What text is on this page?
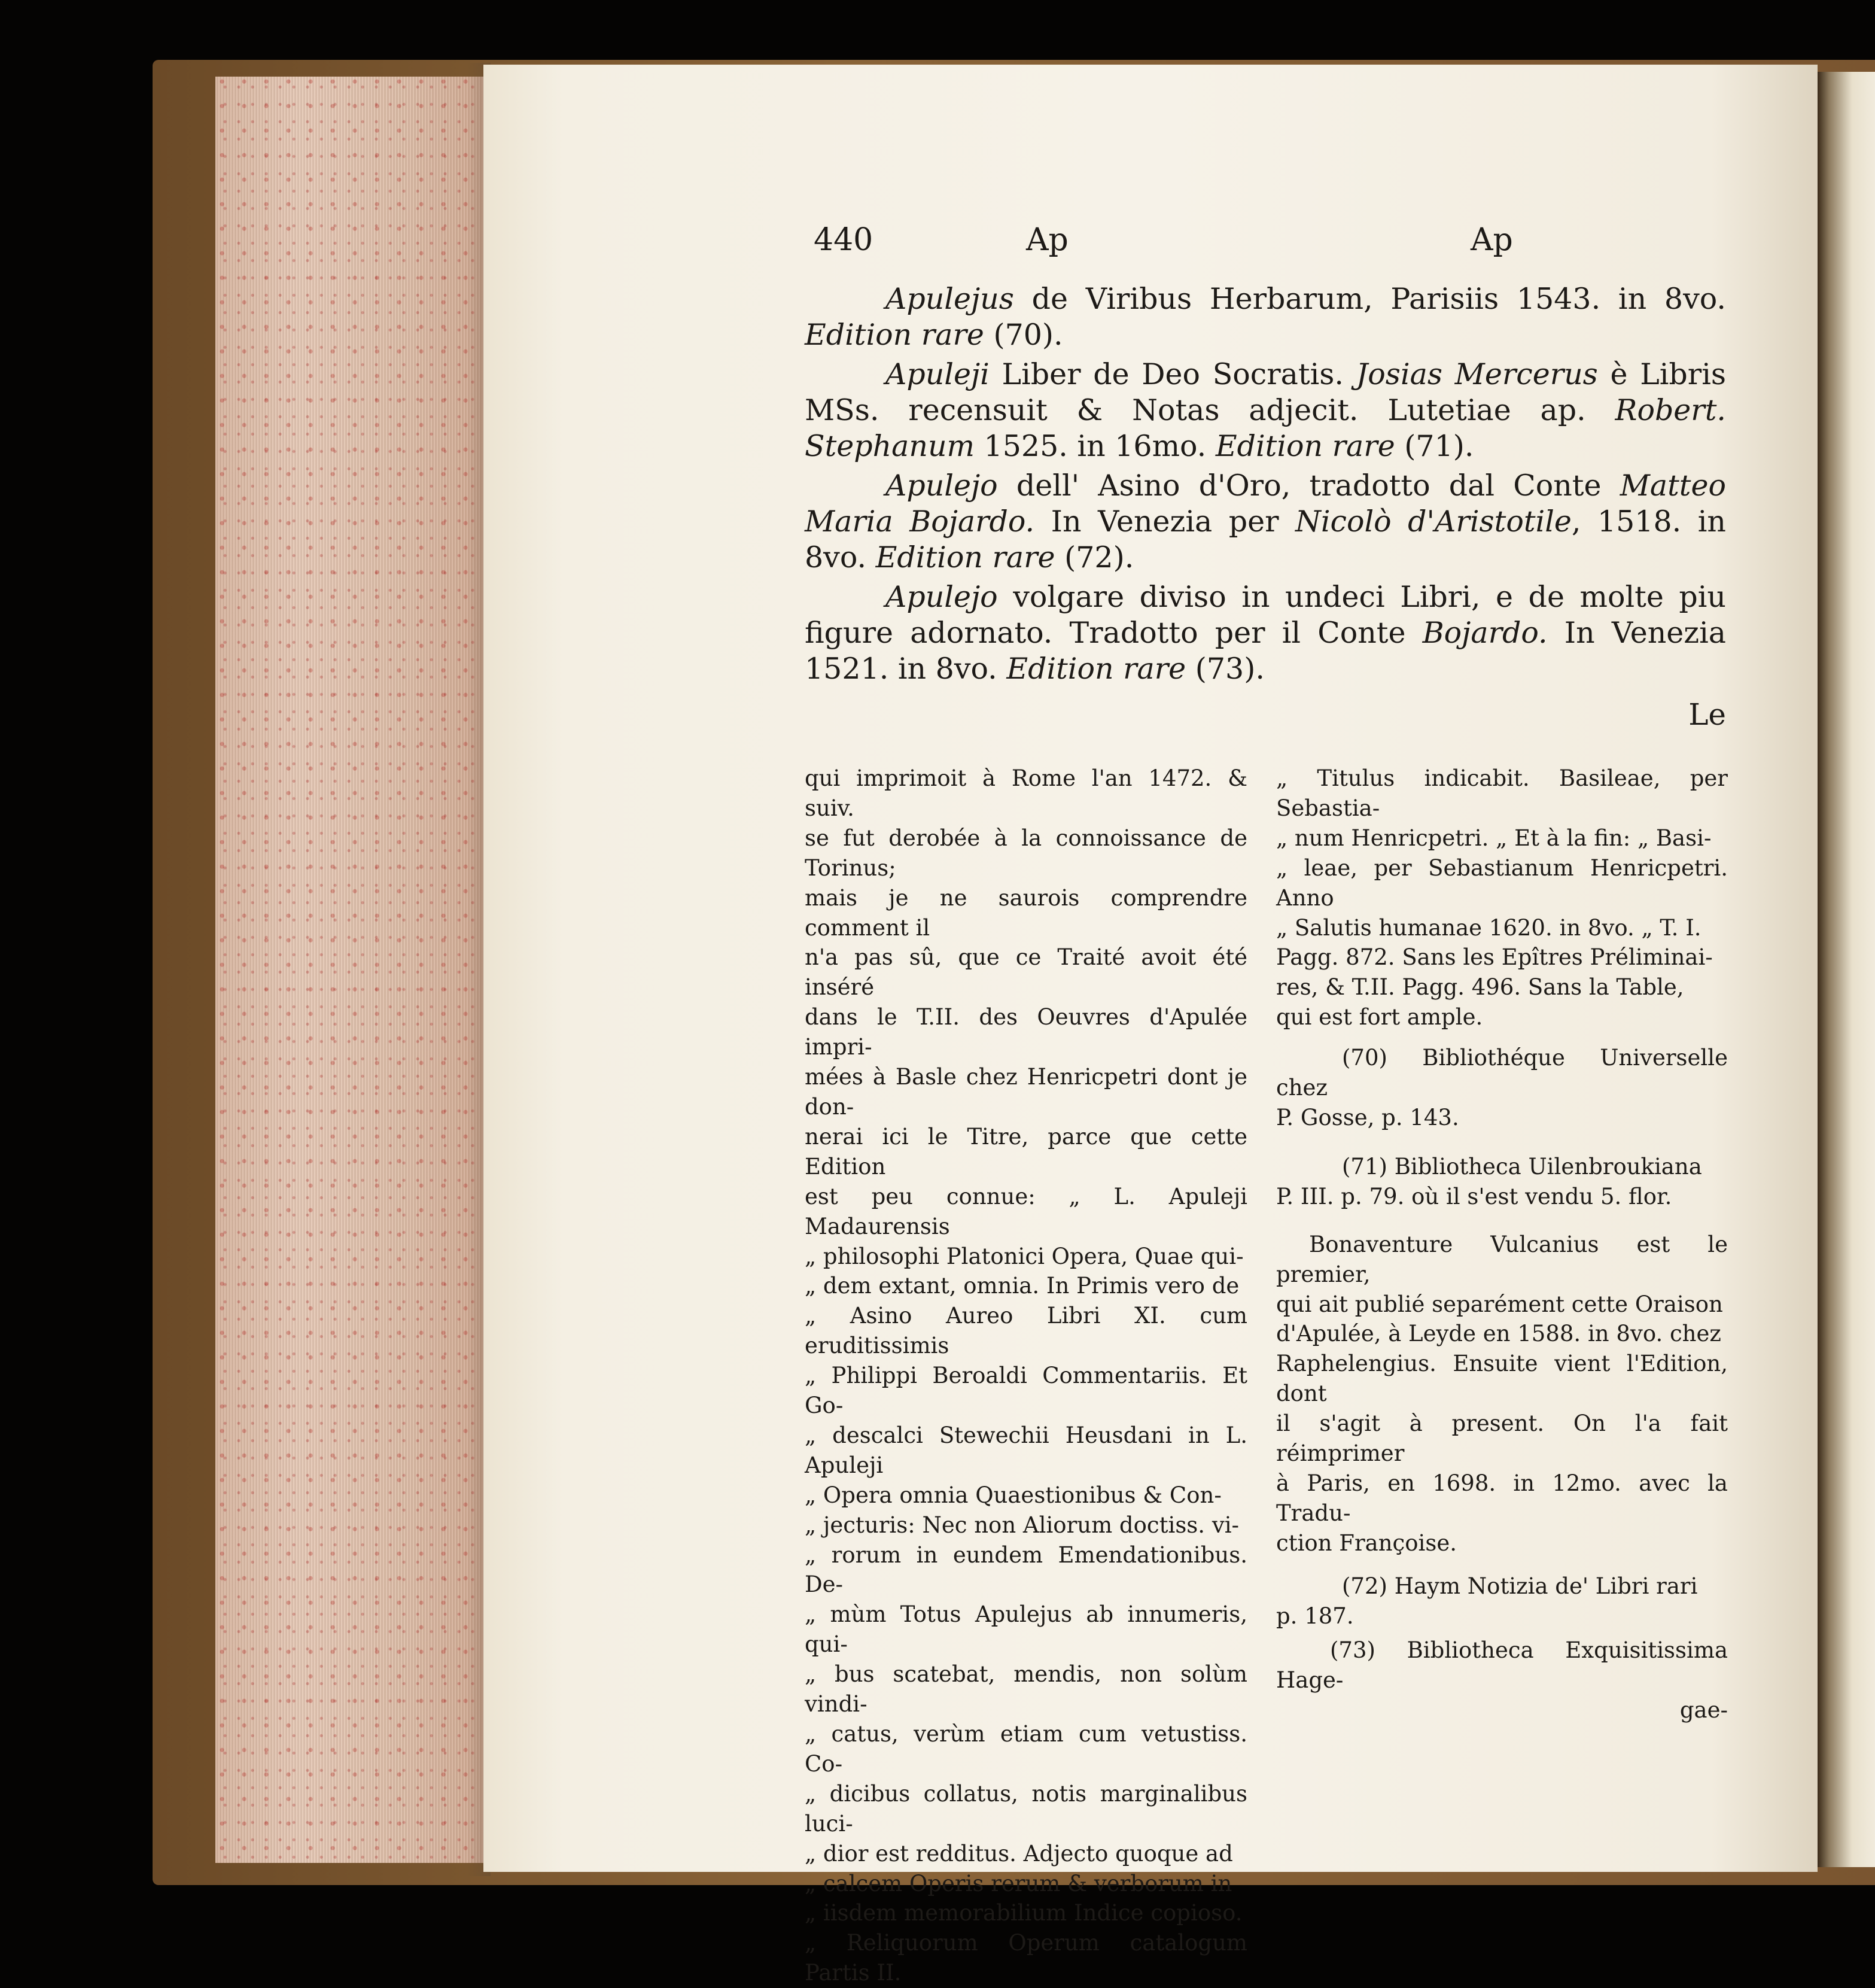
440	Ap	Ap

Apulejus de Viribus Herbarum, Parisiis 1543. in 8vo. Edition rare (70).

Apuleji Liber de Deo Socratis. Josias Mercerus è Libris MSs. recensuit & Notas adjecit. Lutetiae ap. Robert. Stephanum 1525. in 16mo. Edition rare (71).

Apulejo dell' Asino d'Oro, tradotto dal Conte Matteo Maria Bojardo. In Venezia per Nicolò d'Aristotile, 1518. in 8vo. Edition rare (72).

Apulejo volgare diviso in undeci Libri, e de molte piu figure adornato. Tradotto per il Conte Bojardo. In Venezia 1521. in 8vo. Edition rare (73).

Le
qui imprimoit à Rome l'an 1472. & suiv.
se fut derobée à la connoissance de Torinus;
mais je ne saurois comprendre comment il
n'a pas sû, que ce Traité avoit été inséré
dans le T.II. des Oeuvres d'Apulée impri-
mées à Basle chez Henricpetri dont je don-
nerai ici le Titre, parce que cette Edition
est peu connue: „ L. Apuleji Madaurensis
„ philosophi Platonici Opera, Quae qui-
„ dem extant, omnia. In Primis vero de
„ Asino Aureo Libri XI. cum eruditissimis
„ Philippi Beroaldi Commentariis. Et Go-
„ descalci Stewechii Heusdani in L. Apuleji
„ Opera omnia Quaestionibus & Con-
„ jecturis: Nec non Aliorum doctiss. vi-
„ rorum in eundem Emendationibus. De-
„ mùm Totus Apulejus ab innumeris, qui-
„ bus scatebat, mendis, non solùm vindi-
„ catus, verùm etiam cum vetustiss. Co-
„ dicibus collatus, notis marginalibus luci-
„ dior est redditus. Adjecto quoque ad
„ calcem Operis rerum & verborum in
„ iisdem memorabilium Indice copioso.
„ Reliquorum Operum catalogum Partis II.
„ Titulus indicabit. Basileae, per Sebastia-
„ num Henricpetri. „ Et à la fin: „ Basi-
„ leae, per Sebastianum Henricpetri. Anno
„ Salutis humanae 1620. in 8vo. „ T. I.
Pagg. 872. Sans les Epîtres Préliminai-
res, & T.II. Pagg. 496. Sans la Table,
qui est fort ample.
(70) Bibliothéque Universelle chez
P. Gosse, p. 143.
(71) Bibliotheca Uilenbroukiana
P. III. p. 79. où il s'est vendu 5. flor.
Bonaventure Vulcanius est le premier,
qui ait publié separément cette Oraison
d'Apulée, à Leyde en 1588. in 8vo. chez
Raphelengius. Ensuite vient l'Edition, dont
il s'agit à present. On l'a fait réimprimer
à Paris, en 1698. in 12mo. avec la Tradu-
ction Françoise.
(72) Haym Notizia de' Libri rari
p. 187.
(73) Bibliotheca Exquisitissima Hage-
gae-
